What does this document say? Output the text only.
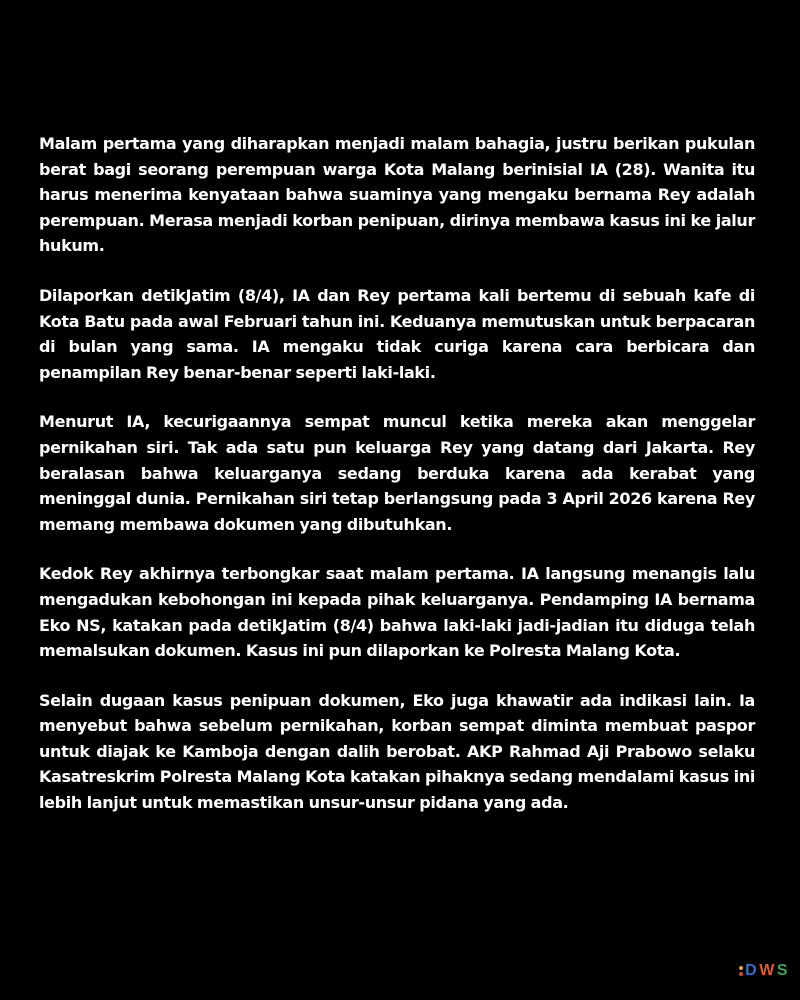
Malam pertama yang diharapkan menjadi malam bahagia, justru berikan pukulan berat bagi seorang perempuan warga Kota Malang berinisial IA (28). Wanita itu harus menerima kenyataan bahwa suaminya yang mengaku bernama Rey adalah perempuan. Merasa menjadi korban penipuan, dirinya membawa kasus ini ke jalur hukum.

Dilaporkan detikJatim (8/4), IA dan Rey pertama kali bertemu di sebuah kafe di Kota Batu pada awal Februari tahun ini. Keduanya memutuskan untuk berpacaran di bulan yang sama. IA mengaku tidak curiga karena cara berbicara dan penampilan Rey benar-benar seperti laki-laki.

Menurut IA, kecurigaannya sempat muncul ketika mereka akan menggelar pernikahan siri. Tak ada satu pun keluarga Rey yang datang dari Jakarta. Rey beralasan bahwa keluarganya sedang berduka karena ada kerabat yang meninggal dunia. Pernikahan siri tetap berlangsung pada 3 April 2026 karena Rey memang membawa dokumen yang dibutuhkan.

Kedok Rey akhirnya terbongkar saat malam pertama. IA langsung menangis lalu mengadukan kebohongan ini kepada pihak keluarganya. Pendamping IA bernama Eko NS, katakan pada detikJatim (8/4) bahwa laki-laki jadi-jadian itu diduga telah memalsukan dokumen. Kasus ini pun dilaporkan ke Polresta Malang Kota.

Selain dugaan kasus penipuan dokumen, Eko juga khawatir ada indikasi lain. Ia menyebut bahwa sebelum pernikahan, korban sempat diminta membuat paspor untuk diajak ke Kamboja dengan dalih berobat. AKP Rahmad Aji Prabowo selaku Kasatreskrim Polresta Malang Kota katakan pihaknya sedang mendalami kasus ini lebih lanjut untuk memastikan unsur-unsur pidana yang ada.

D W S
